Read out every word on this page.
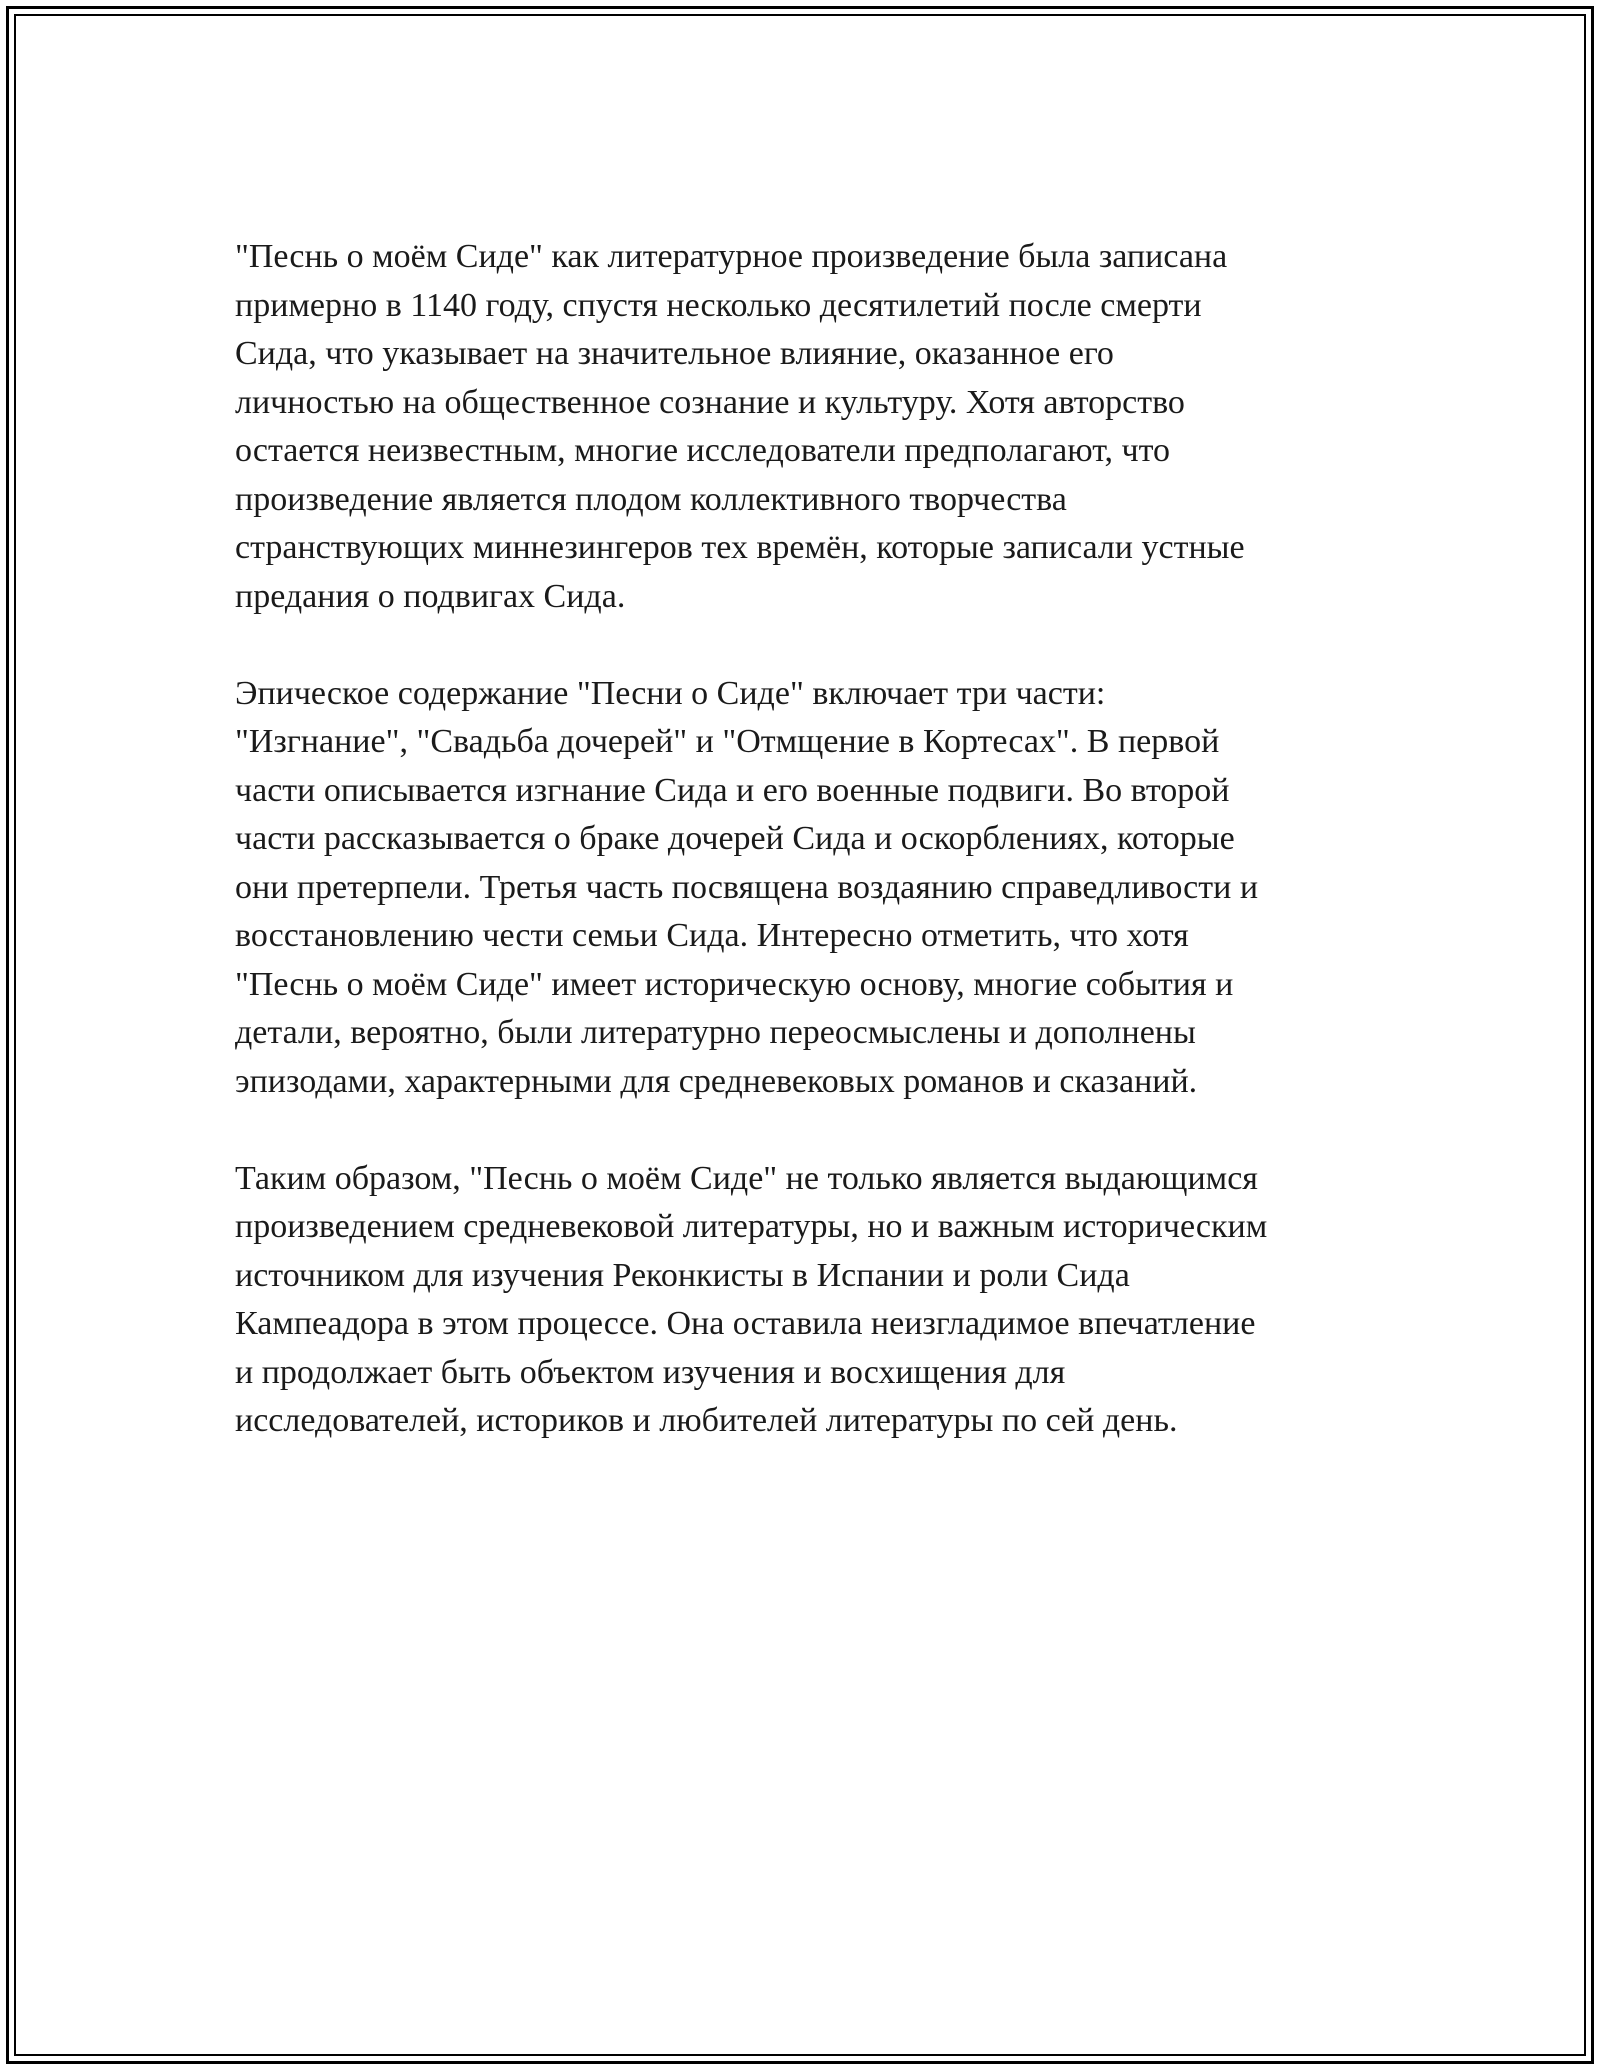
"Песнь о моём Сиде" как литературное произведение была записана
примерно в 1140 году, спустя несколько десятилетий после смерти
Сида, что указывает на значительное влияние, оказанное его
личностью на общественное сознание и культуру. Хотя авторство
остается неизвестным, многие исследователи предполагают, что
произведение является плодом коллективного творчества
странствующих миннезингеров тех времён, которые записали устные
предания о подвигах Сида.

Эпическое содержание "Песни о Сиде" включает три части:
"Изгнание", "Свадьба дочерей" и "Отмщение в Кортесах". В первой
части описывается изгнание Сида и его военные подвиги. Во второй
части рассказывается о браке дочерей Сида и оскорблениях, которые
они претерпели. Третья часть посвящена воздаянию справедливости и
восстановлению чести семьи Сида. Интересно отметить, что хотя
"Песнь о моём Сиде" имеет историческую основу, многие события и
детали, вероятно, были литературно переосмыслены и дополнены
эпизодами, характерными для средневековых романов и сказаний.

Таким образом, "Песнь о моём Сиде" не только является выдающимся
произведением средневековой литературы, но и важным историческим
источником для изучения Реконкисты в Испании и роли Сида
Кампеадора в этом процессе. Она оставила неизгладимое впечатление
и продолжает быть объектом изучения и восхищения для
исследователей, историков и любителей литературы по сей день.
